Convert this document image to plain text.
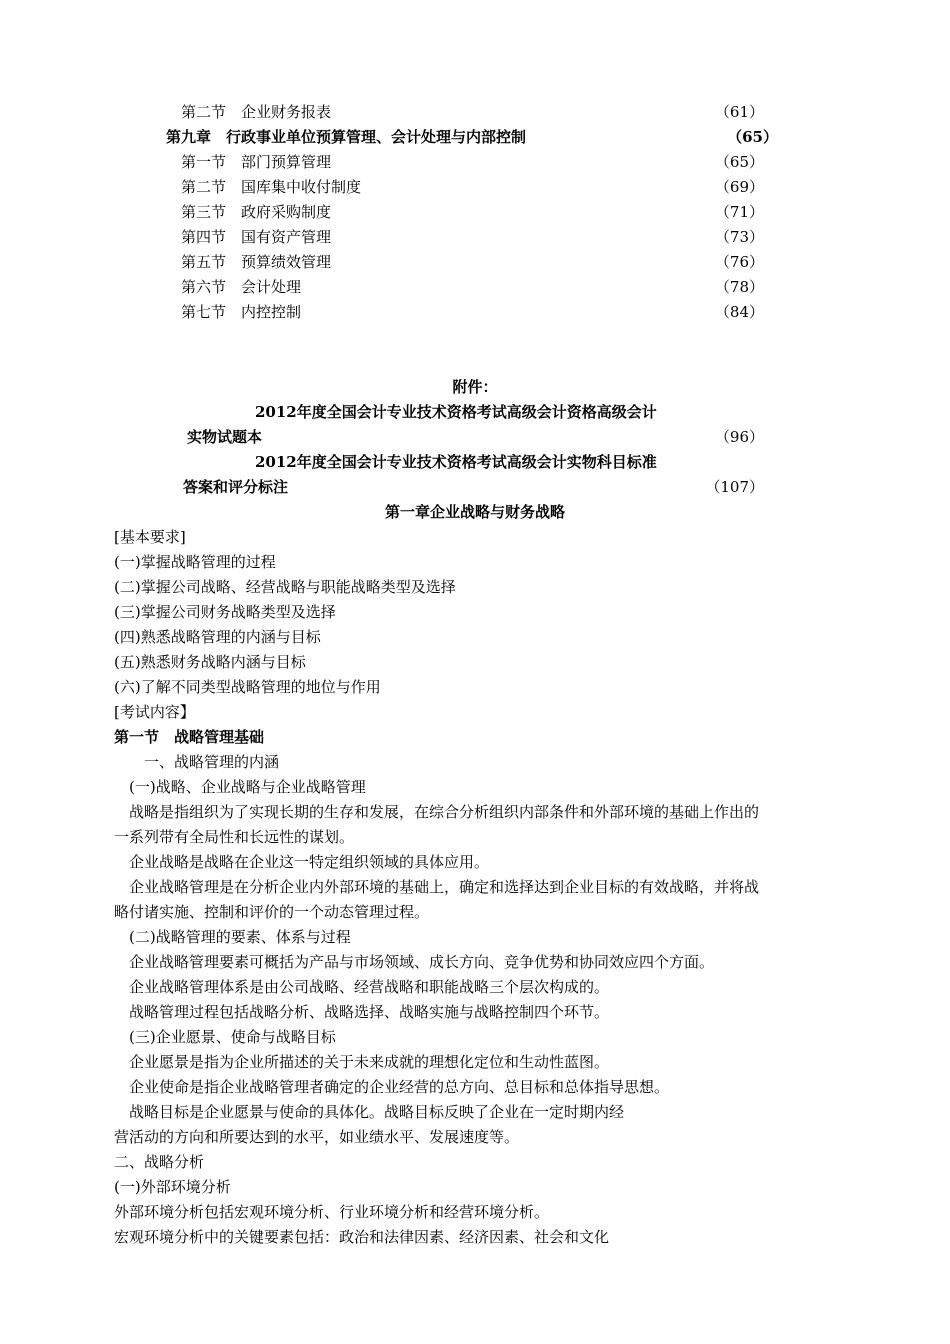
第二节　企业财务报表	（61）
第九章　行政事业单位预算管理、会计处理与内部控制	（65）
第一节　部门预算管理	（65）
第二节　国库集中收付制度	（69）
第三节　政府采购制度	（71）
第四节　国有资产管理	（73）
第五节　预算绩效管理	（76）
第六节　会计处理	（78）
第七节　内控控制	（84）
附件：
2012年度全国会计专业技术资格考试高级会计资格高级会计
实物试题本	（96）
2012年度全国会计专业技术资格考试高级会计实物科目标准
答案和评分标注	（107）
第一章企业战略与财务战略
[基本要求]
(一)掌握战略管理的过程
(二)掌握公司战略、经营战略与职能战略类型及选择
(三)掌握公司财务战略类型及选择
(四)熟悉战略管理的内涵与目标
(五)熟悉财务战略内涵与目标
(六)了解不同类型战略管理的地位与作用
[考试内容】
第一节　战略管理基础
　　一、战略管理的内涵
　(一)战略、企业战略与企业战略管理
　战略是指组织为了实现长期的生存和发展，在综合分析组织内部条件和外部环境的基础上作出的
一系列带有全局性和长远性的谋划。
　企业战略是战略在企业这一特定组织领域的具体应用。
　企业战略管理是在分析企业内外部环境的基础上，确定和选择达到企业目标的有效战略，并将战
略付诸实施、控制和评价的一个动态管理过程。
　(二)战略管理的要素、体系与过程
　企业战略管理要素可概括为产品与市场领域、成长方向、竞争优势和协同效应四个方面。
　企业战略管理体系是由公司战略、经营战略和职能战略三个层次构成的。
　战略管理过程包括战略分析、战略选择、战略实施与战略控制四个环节。
　(三)企业愿景、使命与战略目标
　企业愿景是指为企业所描述的关于未来成就的理想化定位和生动性蓝图。
　企业使命是指企业战略管理者确定的企业经营的总方向、总目标和总体指导思想。
　战略目标是企业愿景与使命的具体化。战略目标反映了企业在一定时期内经
营活动的方向和所要达到的水平，如业绩水平、发展速度等。
二、战略分析
(一)外部环境分析
外部环境分析包括宏观环境分析、行业环境分析和经营环境分析。
宏观环境分析中的关键要素包括：政治和法律因素、经济因素、社会和文化
